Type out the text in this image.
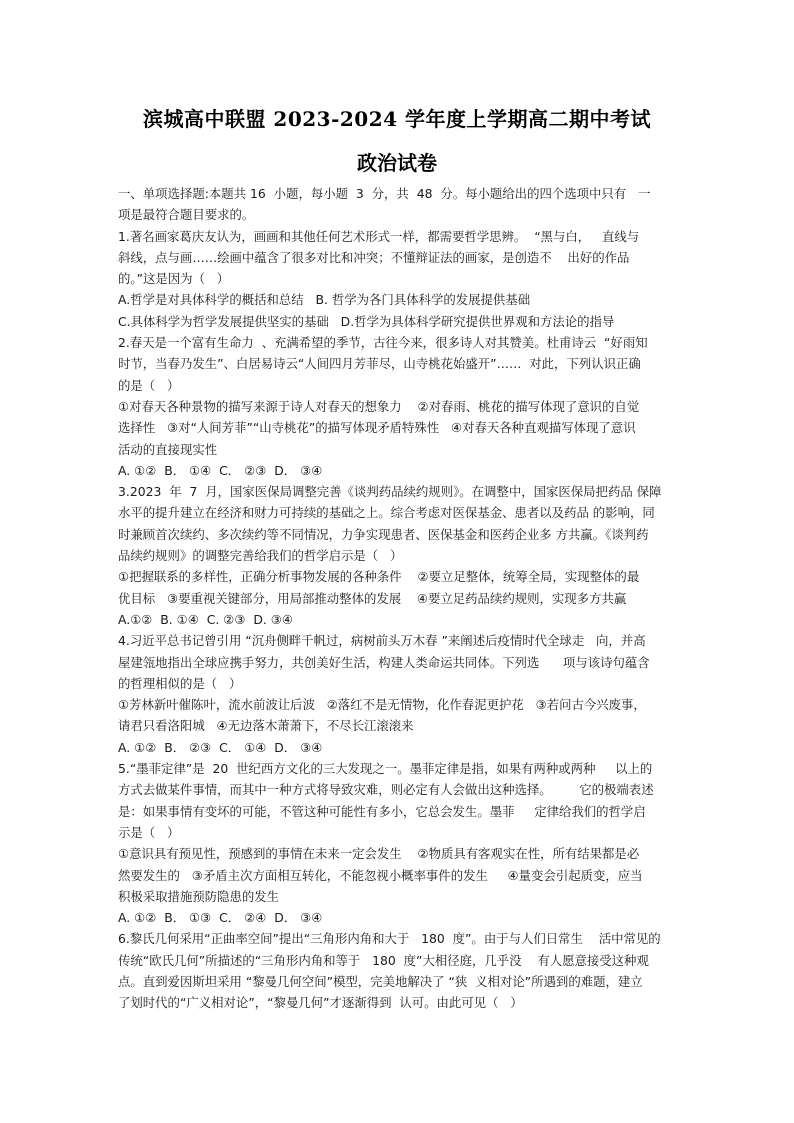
滨城高中联盟 2023-2024 学年度上学期高二期中考试
政治试卷
一、单项选择题:本题共 16  小题，每小题  3  分，共  48  分。每小题给出的四个选项中只有   一
项是最符合题目要求的。
1.著名画家葛庆友认为，画画和其他任何艺术形式一样，都需要哲学思辨。  “黑与白，   直线与
斜线，点与画……绘画中蕴含了很多对比和冲突；不懂辩证法的画家，是创造不    出好的作品
的。”这是因为（   ）
A.哲学是对具体科学的概括和总结   B. 哲学为各门具体科学的发展提供基础
C.具体科学为哲学发展提供坚实的基础   D.哲学为具体科学研究提供世界观和方法论的指导
2.春天是一个富有生命力  、充满希望的季节，古往今来，很多诗人对其赞美。杜甫诗云  “好雨知
时节，当春乃发生”、白居易诗云“人间四月芳菲尽，山寺桃花始盛开”……  对此，下列认识正确
的是（   ）
①对春天各种景物的描写来源于诗人对春天的想象力    ②对春雨、桃花的描写体现了意识的自觉
选择性   ③对“人间芳菲”“山寺桃花”的描写体现矛盾特殊性   ④对春天各种直观描写体现了意识
活动的直接现实性
A. ①②  B． ①④  C． ②③  D． ③④
3.2023  年  7  月，国家医保局调整完善《谈判药品续约规则》。在调整中，国家医保局把药品 保障
水平的提升建立在经济和财力可持续的基础之上。综合考虑对医保基金、患者以及药品 的影响，同
时兼顾首次续约、多次续约等不同情况，力争实现患者、医保基金和医药企业多 方共赢。《谈判药
品续约规则》的调整完善给我们的哲学启示是（   ）
①把握联系的多样性，正确分析事物发展的各种条件    ②要立足整体，统筹全局，实现整体的最
优目标   ③要重视关键部分，用局部推动整体的发展    ④要立足药品续约规则，实现多方共赢
A.①②  B. ①④  C. ②③  D. ③④
4.习近平总书记曾引用 “沉舟侧畔千帆过，病树前头万木春 ”来阐述后疫情时代全球走   向，并高
屋建瓴地指出全球应携手努力，共创美好生活，构建人类命运共同体。下列选      项与该诗句蕴含
的哲理相似的是（   ）
①芳林新叶催陈叶，流水前波让后波   ②落红不是无情物，化作春泥更护花   ③若问古今兴废事，
请君只看洛阳城   ④无边落木萧萧下，不尽长江滚滚来
A. ①②  B． ②③  C． ①④  D． ③④
5.“墨菲定律”是  20  世纪西方文化的三大发现之一。墨菲定律是指，如果有两种或两种     以上的
方式去做某件事情，而其中一种方式将导致灾难，则必定有人会做出这种选择。       它的极端表述
是：如果事情有变坏的可能，不管这种可能性有多小，它总会发生。墨菲     定律给我们的哲学启
示是（   ）
①意识具有预见性，预感到的事情在未来一定会发生    ②物质具有客观实在性，所有结果都是必
然要发生的   ③矛盾主次方面相互转化，不能忽视小概率事件的发生     ④量变会引起质变，应当
积极采取措施预防隐患的发生
A. ①②  B． ①③  C． ②④  D． ③④
6.黎氏几何采用“正曲率空间”提出“三角形内角和大于   180  度”。由于与人们日常生    活中常见的
传统“欧氏几何”所描述的“三角形内角和等于   180  度”大相径庭，几乎没    有人愿意接受这种观
点。直到爱因斯坦采用 “黎曼几何空间”模型，完美地解决了 “狭  义相对论”所遇到的难题，建立
了划时代的“广义相对论”，“黎曼几何”才逐渐得到  认可。由此可见（   ）
